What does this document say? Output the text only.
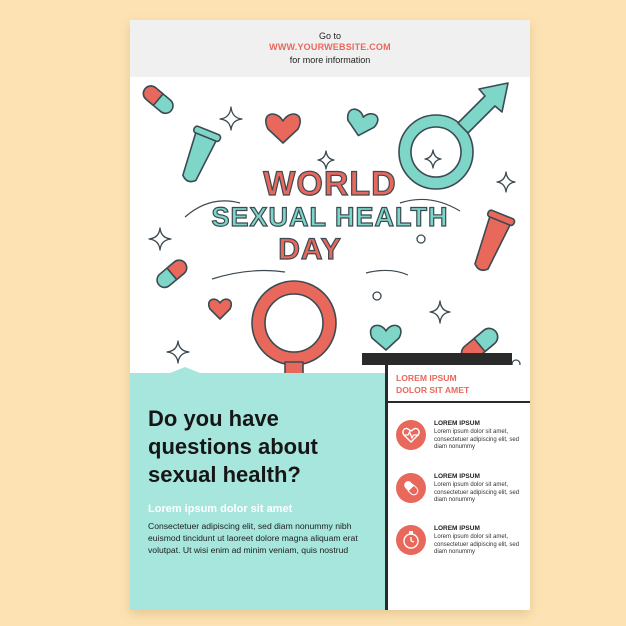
Go to
WWW.YOURWEBSITE.COM
for more information
WORLD
SEXUAL HEALTH
DAY
Do you have questions about sexual health?
Lorem ipsum dolor sit amet
Consectetuer adipiscing elit, sed diam nonummy nibh euismod tincidunt ut laoreet dolore magna aliquam erat volutpat. Ut wisi enim ad minim veniam, quis nostrud
LOREM IPSUM
DOLOR SIT AMET
LOREM IPSUM
Lorem ipsum dolor sit amet, consectetuer adipiscing elit, sed diam nonummy
LOREM IPSUM
Lorem ipsum dolor sit amet, consectetuer adipiscing elit, sed diam nonummy
LOREM IPSUM
Lorem ipsum dolor sit amet, consectetuer adipiscing elit, sed diam nonummy
